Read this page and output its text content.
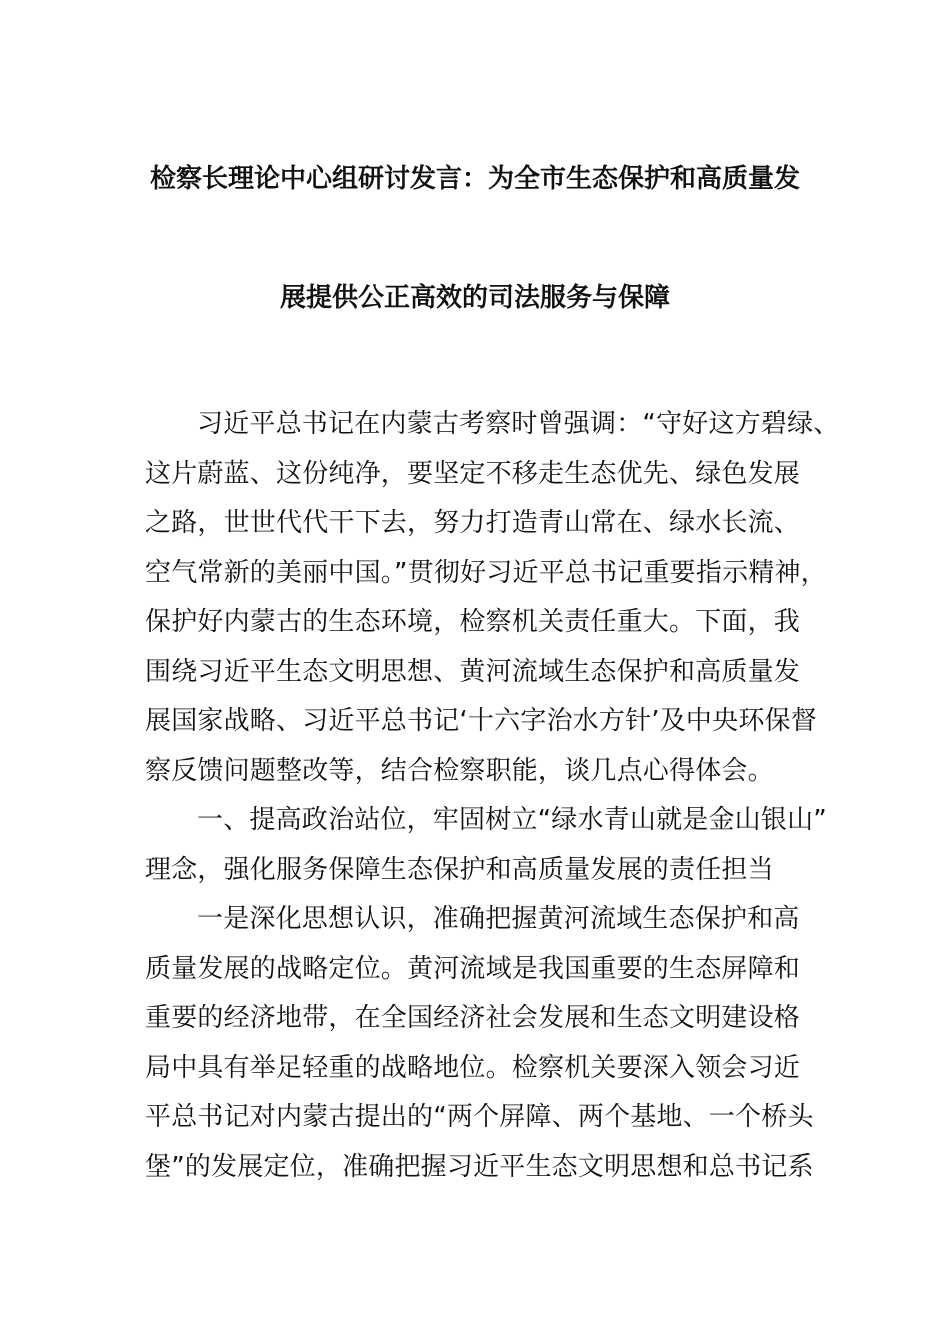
检察长理论中心组研讨发言：为全市生态保护和高质量发
展提供公正高效的司法服务与保障
习近平总书记在内蒙古考察时曾强调：“守好这方碧绿、
这片蔚蓝、这份纯净，要坚定不移走生态优先、绿色发展
之路，世世代代干下去，努力打造青山常在、绿水长流、
空气常新的美丽中国。”贯彻好习近平总书记重要指示精神，
保护好内蒙古的生态环境，检察机关责任重大。下面，我
围绕习近平生态文明思想、黄河流域生态保护和高质量发
展国家战略、习近平总书记‘十六字治水方针’及中央环保督
察反馈问题整改等，结合检察职能，谈几点心得体会。
一、提高政治站位，牢固树立“绿水青山就是金山银山”
理念，强化服务保障生态保护和高质量发展的责任担当
一是深化思想认识，准确把握黄河流域生态保护和高
质量发展的战略定位。黄河流域是我国重要的生态屏障和
重要的经济地带，在全国经济社会发展和生态文明建设格
局中具有举足轻重的战略地位。检察机关要深入领会习近
平总书记对内蒙古提出的“两个屏障、两个基地、一个桥头
堡”的发展定位，准确把握习近平生态文明思想和总书记系
